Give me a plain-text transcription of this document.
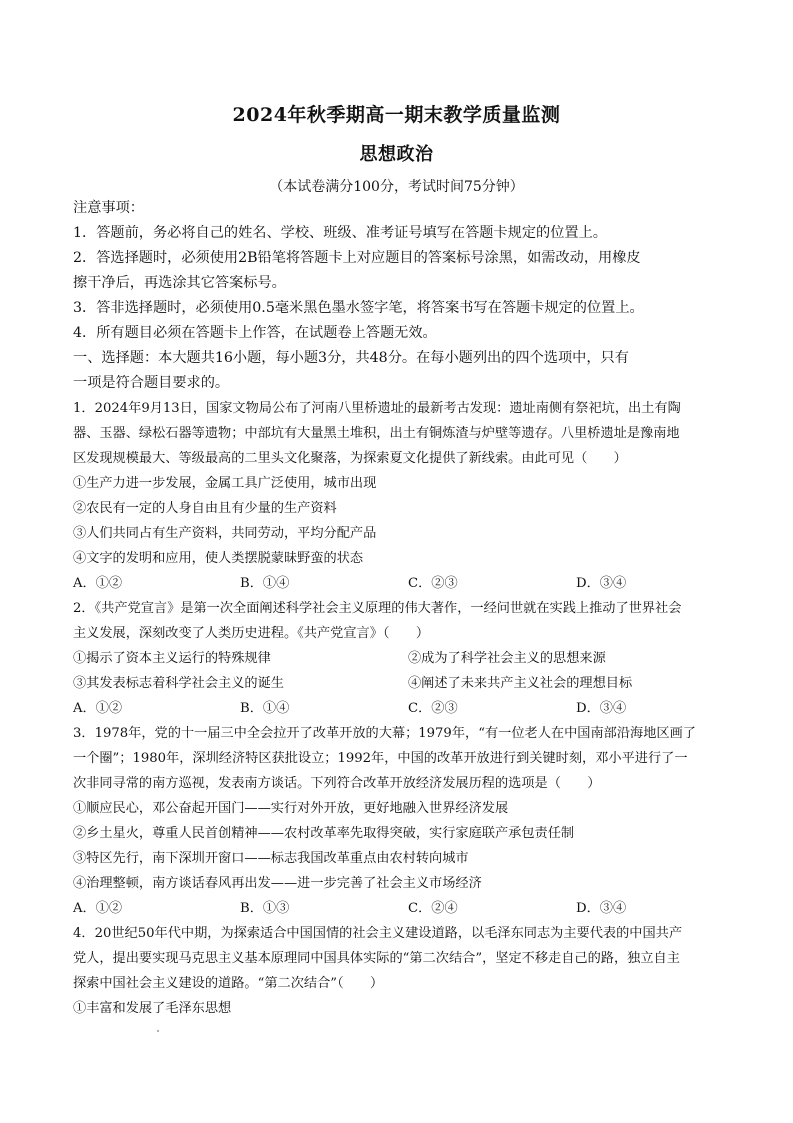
2024年秋季期高一期末教学质量监测
思想政治
（本试卷满分100分，考试时间75分钟）
注意事项：
1．答题前，务必将自己的姓名、学校、班级、准考证号填写在答题卡规定的位置上。
2．答选择题时，必须使用2B铅笔将答题卡上对应题目的答案标号涂黑，如需改动，用橡皮
擦干净后，再选涂其它答案标号。
3．答非选择题时，必须使用0.5毫米黑色墨水签字笔，将答案书写在答题卡规定的位置上。
4．所有题目必须在答题卡上作答，在试题卷上答题无效。
一、选择题：本大题共16小题，每小题3分，共48分。在每小题列出的四个选项中，只有
一项是符合题目要求的。
1．2024年9月13日，国家文物局公布了河南八里桥遗址的最新考古发现：遗址南侧有祭祀坑，出土有陶
器、玉器、绿松石器等遗物；中部坑有大量黑土堆积，出土有铜炼渣与炉壁等遗存。八里桥遗址是豫南地
区发现规模最大、等级最高的二里头文化聚落，为探索夏文化提供了新线索。由此可见（　　）
①生产力进一步发展，金属工具广泛使用，城市出现
②农民有一定的人身自由且有少量的生产资料
③人们共同占有生产资料，共同劳动，平均分配产品
④文字的发明和应用，使人类摆脱蒙昧野蛮的状态
A．①②	B．①④	C．②③	D．③④
2．《共产党宣言》是第一次全面阐述科学社会主义原理的伟大著作，一经问世就在实践上推动了世界社会
主义发展，深刻改变了人类历史进程。《共产党宣言》（　　）
①揭示了资本主义运行的特殊规律	②成为了科学社会主义的思想来源
③其发表标志着科学社会主义的诞生	④阐述了未来共产主义社会的理想目标
A．①②	B．①④	C．②③	D．③④
3．1978年，党的十一届三中全会拉开了改革开放的大幕；1979年，“有一位老人在中国南部沿海地区画了
一个圈”；1980年，深圳经济特区获批设立；1992年，中国的改革开放进行到关键时刻，邓小平进行了一
次非同寻常的南方巡视，发表南方谈话。下列符合改革开放经济发展历程的选项是（　　）
①顺应民心，邓公奋起开国门——实行对外开放，更好地融入世界经济发展
②乡土星火，尊重人民首创精神——农村改革率先取得突破，实行家庭联产承包责任制
③特区先行，南下深圳开窗口——标志我国改革重点由农村转向城市
④治理整顿，南方谈话春风再出发——进一步完善了社会主义市场经济
A．①②	B．①③	C．②④	D．③④
4．20世纪50年代中期，为探索适合中国国情的社会主义建设道路，以毛泽东同志为主要代表的中国共产
党人，提出要实现马克思主义基本原理同中国具体实际的“第二次结合”，坚定不移走自己的路，独立自主
探索中国社会主义建设的道路。“第二次结合”（　　）
①丰富和发展了毛泽东思想
